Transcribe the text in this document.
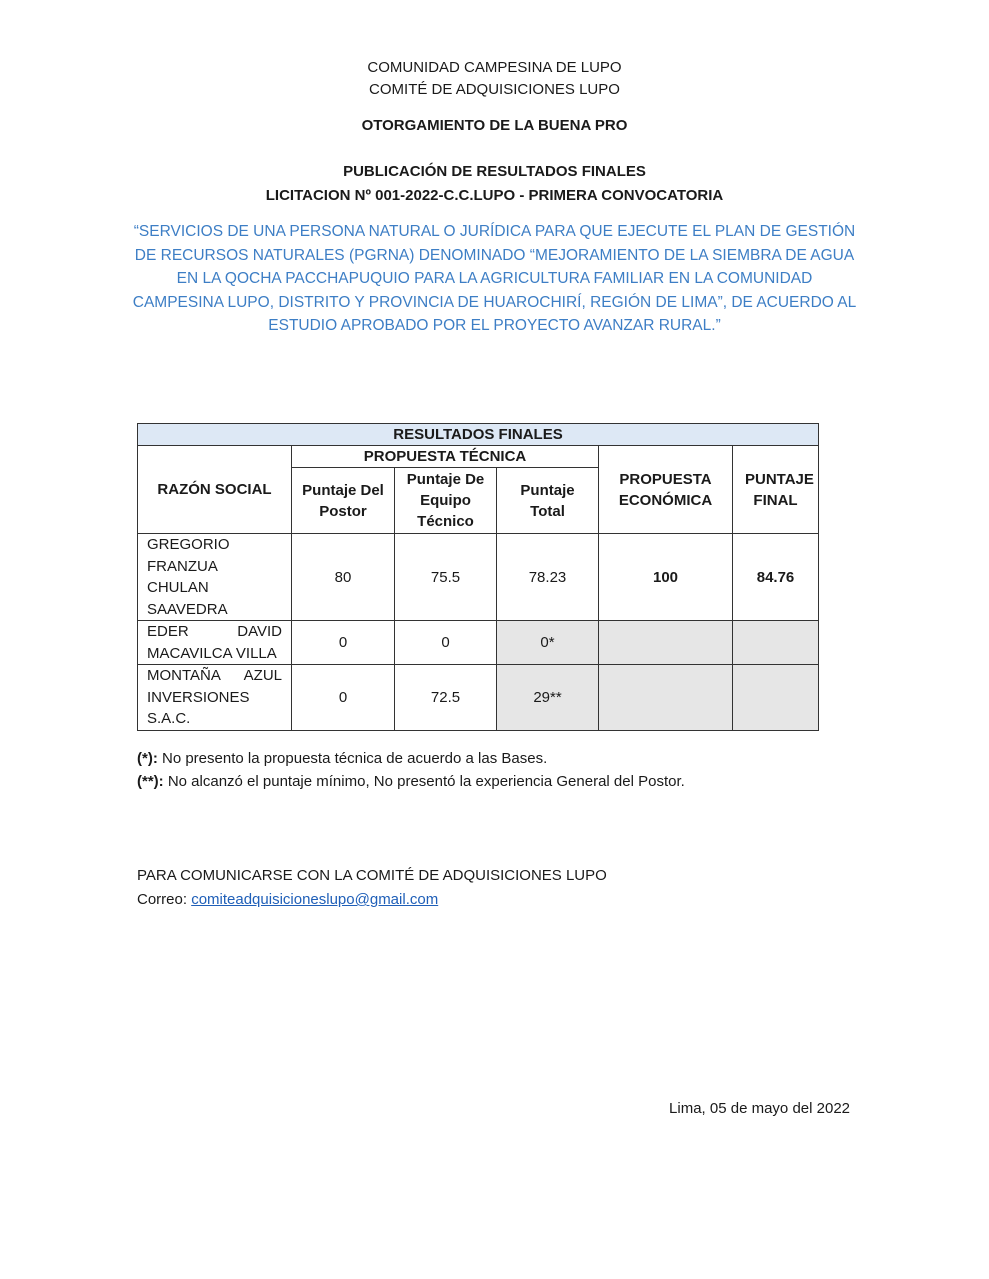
COMUNIDAD CAMPESINA DE LUPO
COMITÉ DE ADQUISICIONES LUPO
OTORGAMIENTO DE LA BUENA PRO
PUBLICACIÓN DE RESULTADOS FINALES
LICITACION Nº 001-2022-C.C.LUPO - PRIMERA CONVOCATORIA
“SERVICIOS DE UNA PERSONA NATURAL O JURÍDICA PARA QUE EJECUTE EL PLAN DE GESTIÓN DE RECURSOS NATURALES (PGRNA) DENOMINADO “MEJORAMIENTO DE LA SIEMBRA DE AGUA EN LA QOCHA PACCHAPUQUIO PARA LA AGRICULTURA FAMILIAR EN LA COMUNIDAD CAMPESINA LUPO, DISTRITO Y PROVINCIA DE HUAROCHIRÍ, REGIÓN DE LIMA”, DE ACUERDO AL ESTUDIO APROBADO POR EL PROYECTO AVANZAR RURAL.”
RESULTADOS FINALES					
RAZÓN SOCIAL	PROPUESTA TÉCNICA			PROPUESTA ECONÓMICA	PUNTAJE FINAL
	Puntaje Del Postor	Puntaje De Equipo Técnico	Puntaje Total		
GREGORIO FRANZUA CHULAN SAAVEDRA	80	75.5	78.23	100	84.76
EDER DAVID MACAVILCA VILLA	0	0	0*		
MONTAÑA AZUL INVERSIONES S.A.C.	0	72.5	29**		
(*): No presento la propuesta técnica de acuerdo a las Bases.
(**): No alcanzó el puntaje mínimo, No presentó la experiencia General del Postor.
PARA COMUNICARSE CON LA COMITÉ DE ADQUISICIONES LUPO
Correo: comiteadquisicioneslupo@gmail.com
Lima, 05 de mayo del 2022
